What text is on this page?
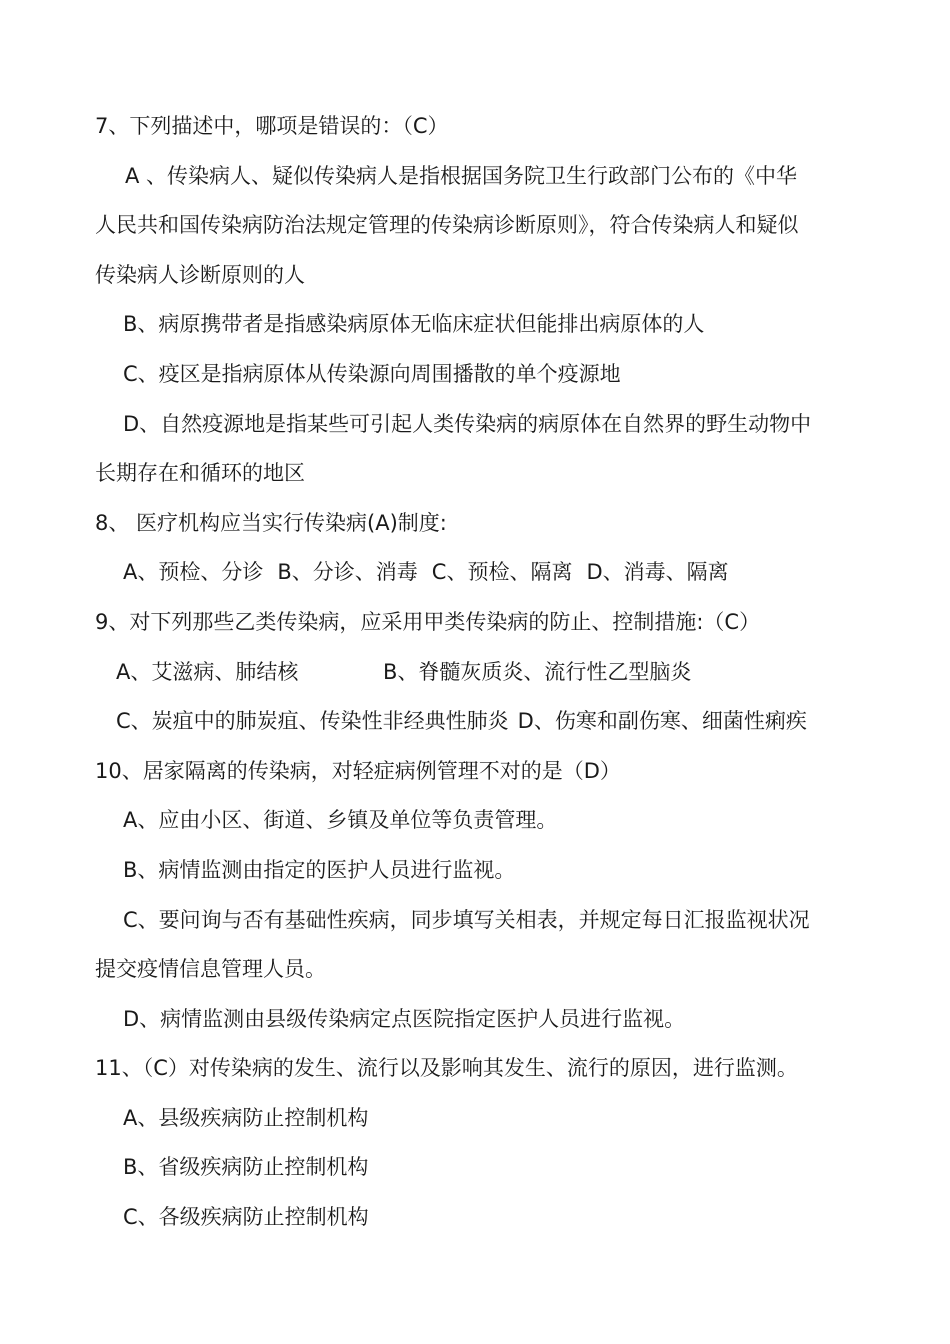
7、下列描述中，哪项是错误的：（C）
A 、传染病人、疑似传染病人是指根据国务院卫生行政部门公布的《中华
人民共和国传染病防治法规定管理的传染病诊断原则》，符合传染病人和疑似
传染病人诊断原则的人
B、病原携带者是指感染病原体无临床症状但能排出病原体的人
C、疫区是指病原体从传染源向周围播散的单个疫源地
D、自然疫源地是指某些可引起人类传染病的病原体在自然界的野生动物中
长期存在和循环的地区
8、 医疗机构应当实行传染病(A)制度:
A、预检、分诊 B、分诊、消毒 C、预检、隔离 D、消毒、隔离
9、对下列那些乙类传染病，应采用甲类传染病的防止、控制措施:（C）
A、艾滋病、肺结核	B、脊髓灰质炎、流行性乙型脑炎
C、炭疽中的肺炭疽、传染性非经典性肺炎 D、伤寒和副伤寒、细菌性痢疾
10、居家隔离的传染病，对轻症病例管理不对的是（D）
A、应由小区、街道、乡镇及单位等负责管理。
B、病情监测由指定的医护人员进行监视。
C、要问询与否有基础性疾病，同步填写关相表，并规定每日汇报监视状况
提交疫情信息管理人员。
D、病情监测由县级传染病定点医院指定医护人员进行监视。
11、（C）对传染病的发生、流行以及影响其发生、流行的原因，进行监测。
A、县级疾病防止控制机构
B、省级疾病防止控制机构
C、各级疾病防止控制机构
